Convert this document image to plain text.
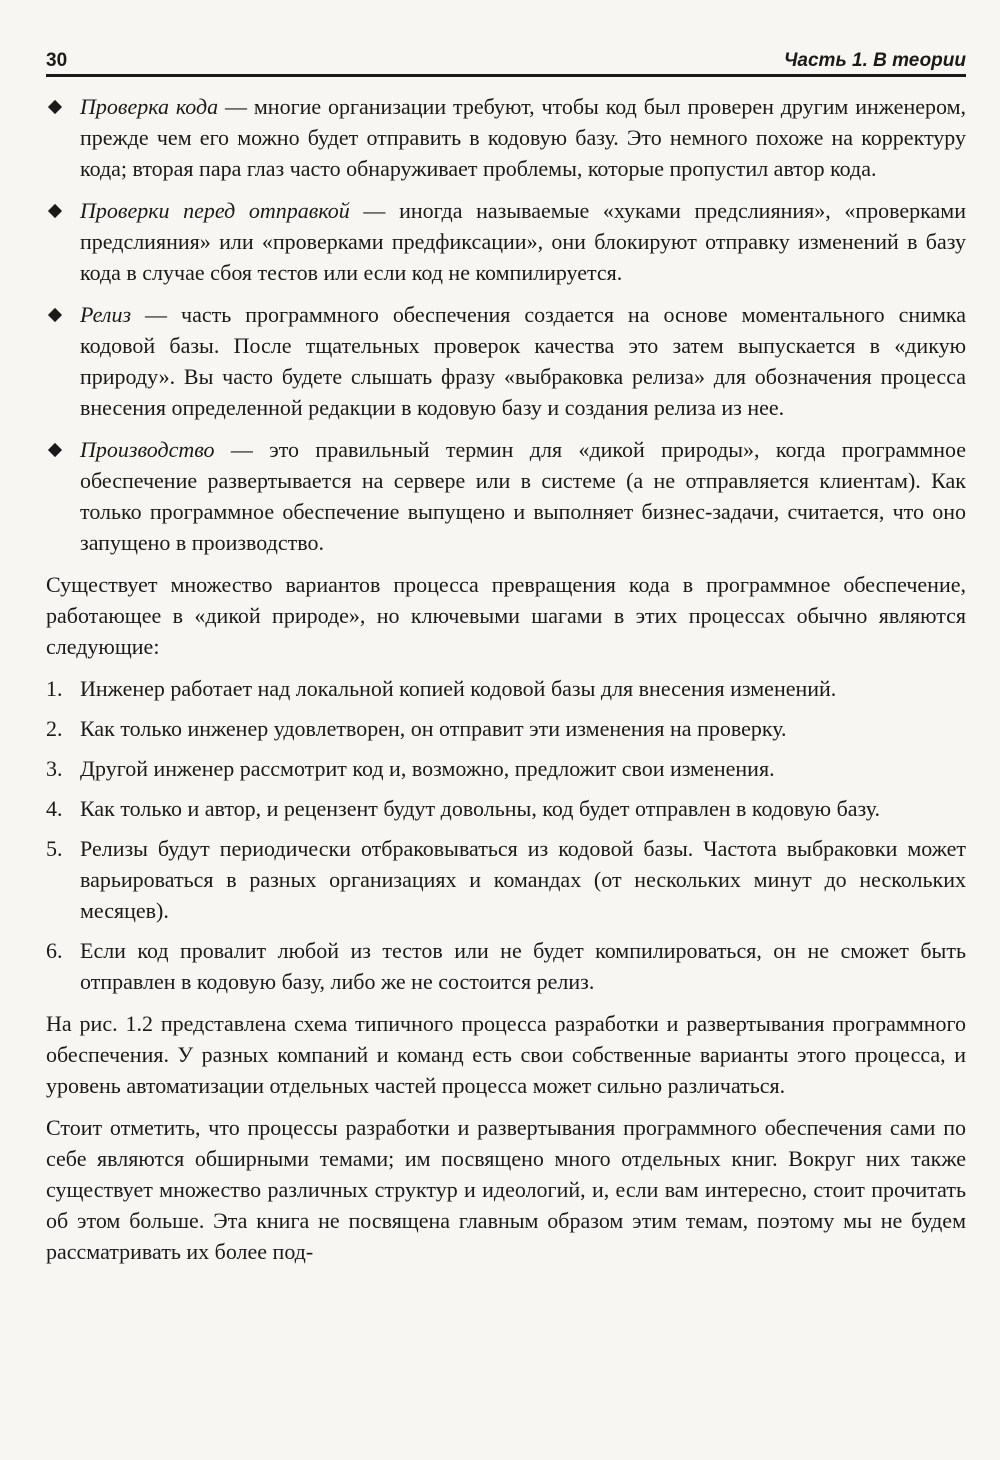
30	Часть 1. В теории
Проверка кода — многие организации требуют, чтобы код был проверен другим инженером, прежде чем его можно будет отправить в кодовую базу. Это немного похоже на корректуру кода; вторая пара глаз часто обнаруживает проблемы, которые пропустил автор кода.
Проверки перед отправкой — иногда называемые «хуками предслияния», «проверками предслияния» или «проверками предфиксации», они блокируют отправку изменений в базу кода в случае сбоя тестов или если код не компилируется.
Релиз — часть программного обеспечения создается на основе моментального снимка кодовой базы. После тщательных проверок качества это затем выпускается в «дикую природу». Вы часто будете слышать фразу «выбраковка релиза» для обозначения процесса внесения определенной редакции в кодовую базу и создания релиза из нее.
Производство — это правильный термин для «дикой природы», когда программное обеспечение развертывается на сервере или в системе (а не отправляется клиентам). Как только программное обеспечение выпущено и выполняет бизнес-задачи, считается, что оно запущено в производство.

Существует множество вариантов процесса превращения кода в программное обеспечение, работающее в «дикой природе», но ключевыми шагами в этих процессах обычно являются следующие:

1. Инженер работает над локальной копией кодовой базы для внесения изменений.
2. Как только инженер удовлетворен, он отправит эти изменения на проверку.
3. Другой инженер рассмотрит код и, возможно, предложит свои изменения.
4. Как только и автор, и рецензент будут довольны, код будет отправлен в кодовую базу.
5. Релизы будут периодически отбраковываться из кодовой базы. Частота выбраковки может варьироваться в разных организациях и командах (от нескольких минут до нескольких месяцев).
6. Если код провалит любой из тестов или не будет компилироваться, он не сможет быть отправлен в кодовую базу, либо же не состоится релиз.

На рис. 1.2 представлена схема типичного процесса разработки и развертывания программного обеспечения. У разных компаний и команд есть свои собственные варианты этого процесса, и уровень автоматизации отдельных частей процесса может сильно различаться.

Стоит отметить, что процессы разработки и развертывания программного обеспечения сами по себе являются обширными темами; им посвящено много отдельных книг. Вокруг них также существует множество различных структур и идеологий, и, если вам интересно, стоит прочитать об этом больше. Эта книга не посвящена главным образом этим темам, поэтому мы не будем рассматривать их более под-
